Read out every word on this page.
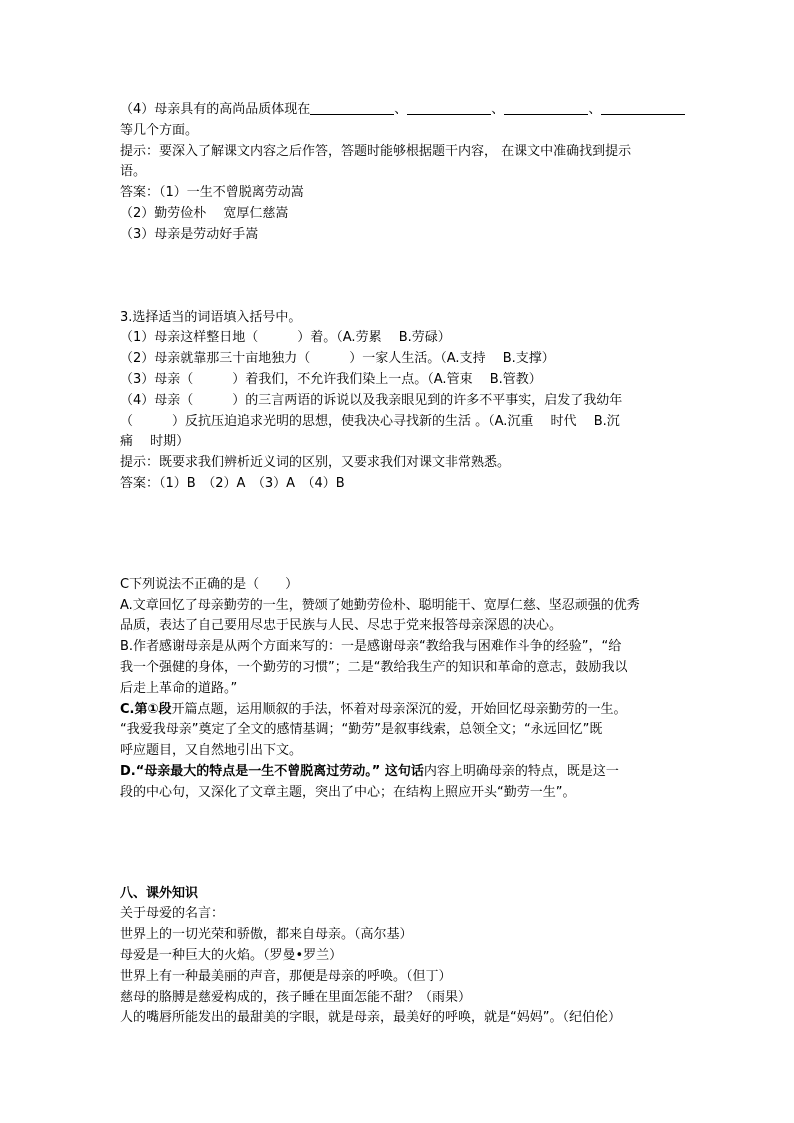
（4）母亲具有的高尚品质体现在	、	、	、
等几个方面。
提示：要深入了解课文内容之后作答，答题时能够根据题干内容， 在课文中准确找到提示
语。
答案：（1）一生不曾脱离劳动嵩
（2）勤劳俭朴　 宽厚仁慈嵩
（3）母亲是劳动好手嵩
3.选择适当的词语填入括号中。
（1）母亲这样整日地（　　　）着。（A.劳累　 B.劳碌）
（2）母亲就靠那三十亩地独力（　　　）一家人生活。（A.支持　 B.支撑）
（3）母亲（　　　）着我们，不允许我们染上一点。（A.管束　 B.管教）
（4）母亲（　　　）的三言两语的诉说以及我亲眼见到的许多不平事实，启发了我幼年
（　　　）反抗压迫追求光明的思想，使我决心寻找新的生活 。（A.沉重　 时代　 B.沉
痛　 时期）
提示：既要求我们辨析近义词的区别，又要求我们对课文非常熟悉。
答案：（1）B　（2）A　（3）A　（4）B
C下列说法不正确的是（　　）
A.文章回忆了母亲勤劳的一生，赞颂了她勤劳俭朴、聪明能干、宽厚仁慈、坚忍顽强的优秀
品质，表达了自己要用尽忠于民族与人民、尽忠于党来报答母亲深恩的决心。
B.作者感谢母亲是从两个方面来写的：一是感谢母亲“教给我与困难作斗争的经验”，“给
我一个强健的身体，一个勤劳的习惯”；二是“教给我生产的知识和革命的意志，鼓励我以
后走上革命的道路。”
C.第①段开篇点题，运用顺叙的手法，怀着对母亲深沉的爱，开始回忆母亲勤劳的一生。
“我爱我母亲”奠定了全文的感情基调；“勤劳”是叙事线索，总领全文；“永远回忆”既
呼应题目，又自然地引出下文。
D.“母亲最大的特点是一生不曾脱离过劳动。” 这句话内容上明确母亲的特点，既是这一
段的中心句，又深化了文章主题，突出了中心；在结构上照应开头“勤劳一生”。
八、课外知识
关于母爱的名言：
世界上的一切光荣和骄傲，都来自母亲。（高尔基）
母爱是一种巨大的火焰。（罗曼•罗兰）
世界上有一种最美丽的声音，那便是母亲的呼唤。（但丁）
慈母的胳膊是慈爱构成的，孩子睡在里面怎能不甜？（雨果）
人的嘴唇所能发出的最甜美的字眼，就是母亲，最美好的呼唤，就是“妈妈”。（纪伯伦）
